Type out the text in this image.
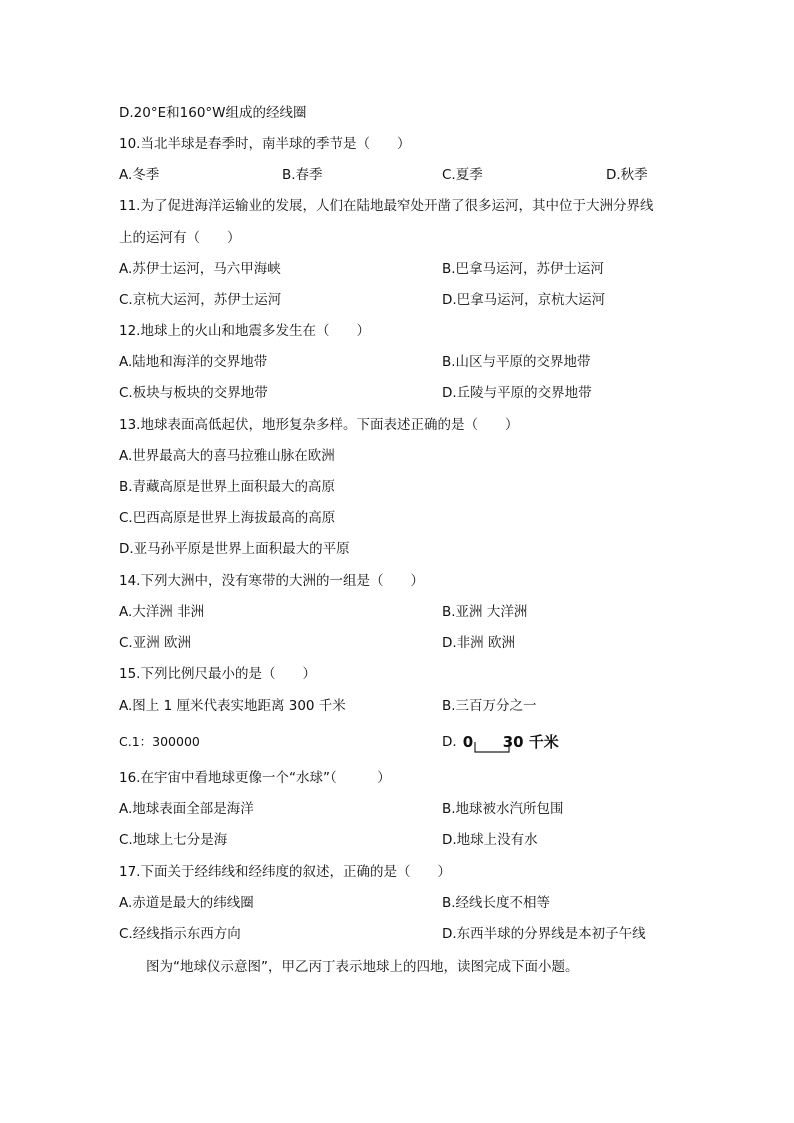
D.20°E和160°W组成的经线圈
10.当北半球是春季时，南半球的季节是（　　）
A.冬季	B.春季	C.夏季	D.秋季
11.为了促进海洋运输业的发展，人们在陆地最窄处开凿了很多运河，其中位于大洲分界线
上的运河有（　　）
A.苏伊士运河，马六甲海峡	B.巴拿马运河，苏伊士运河
C.京杭大运河，苏伊士运河	D.巴拿马运河，京杭大运河
12.地球上的火山和地震多发生在（　　）
A.陆地和海洋的交界地带	B.山区与平原的交界地带
C.板块与板块的交界地带	D.丘陵与平原的交界地带
13.地球表面高低起伏，地形复杂多样。下面表述正确的是（　　）
A.世界最高大的喜马拉雅山脉在欧洲
B.青藏高原是世界上面积最大的高原
C.巴西高原是世界上海拔最高的高原
D.亚马孙平原是世界上面积最大的平原
14.下列大洲中，没有寒带的大洲的一组是（　　）
A.大洋洲 非洲	B.亚洲 大洋洲
C.亚洲 欧洲	D.非洲 欧洲
15.下列比例尺最小的是（　　）
A.图上 1 厘米代表实地距离 300 千米	B.三百万分之一
C.1：300000	D. 0 30 千米
16.在宇宙中看地球更像一个“水球”（　　　）
A.地球表面全部是海洋	B.地球被水汽所包围
C.地球上七分是海	D.地球上没有水
17.下面关于经纬线和经纬度的叙述，正确的是（　　）
A.赤道是最大的纬线圈	B.经线长度不相等
C.经线指示东西方向	D.东西半球的分界线是本初子午线
图为“地球仪示意图”，甲乙丙丁表示地球上的四地，读图完成下面小题。
